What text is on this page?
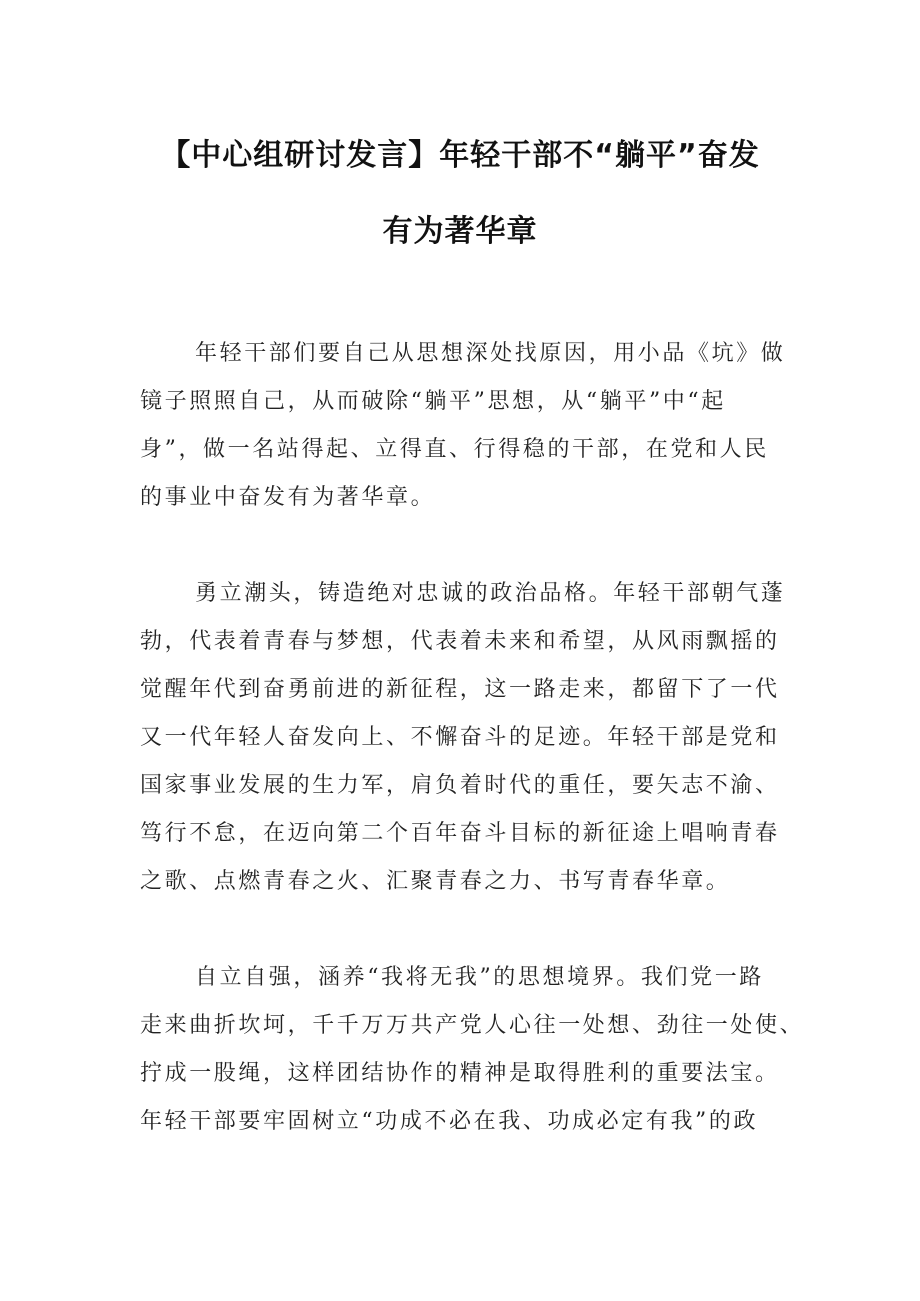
【中心组研讨发言】年轻干部不“躺平”奋发
有为著华章
年轻干部们要自己从思想深处找原因，用小品《坑》做
镜子照照自己，从而破除“躺平”思想，从“躺平”中“起
身”，做一名站得起、立得直、行得稳的干部，在党和人民
的事业中奋发有为著华章。
勇立潮头，铸造绝对忠诚的政治品格。年轻干部朝气蓬
勃，代表着青春与梦想，代表着未来和希望，从风雨飘摇的
觉醒年代到奋勇前进的新征程，这一路走来，都留下了一代
又一代年轻人奋发向上、不懈奋斗的足迹。年轻干部是党和
国家事业发展的生力军，肩负着时代的重任，要矢志不渝、
笃行不怠，在迈向第二个百年奋斗目标的新征途上唱响青春
之歌、点燃青春之火、汇聚青春之力、书写青春华章。
自立自强，涵养“我将无我”的思想境界。我们党一路
走来曲折坎坷，千千万万共产党人心往一处想、劲往一处使、
拧成一股绳，这样团结协作的精神是取得胜利的重要法宝。
年轻干部要牢固树立“功成不必在我、功成必定有我”的政
